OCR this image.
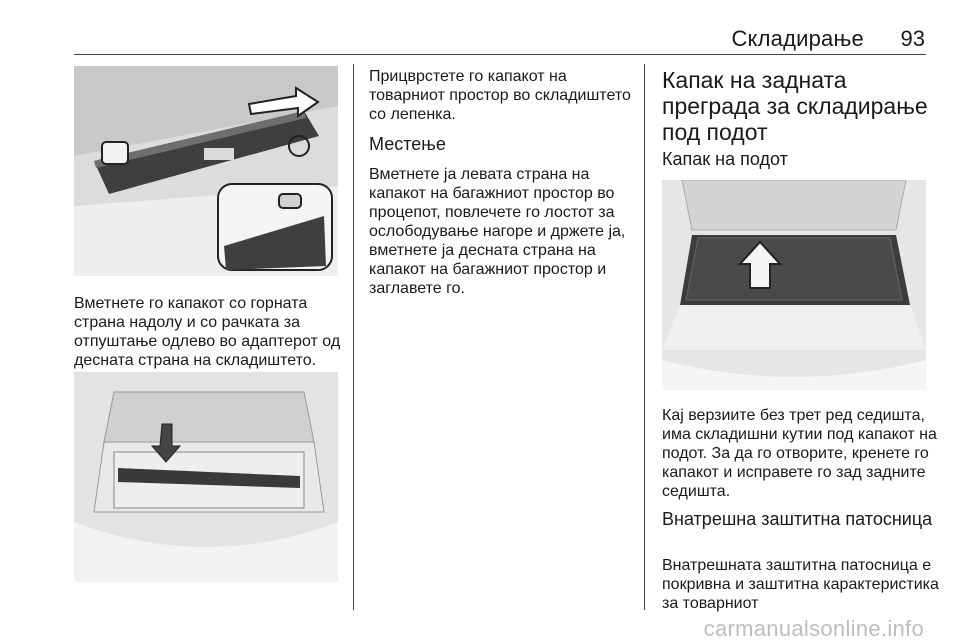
Складирање 93

Вметнете го капакот со горната страна надолу и со рачката за отпуштање одлево во адаптерот од десната страна на складиштето.

Прицврстете го капакот на товарниот простор во складиштето со лепенка.

Местење

Вметнете ја левата страна на капакот на багажниот простор во процепот, повлечете го лостот за ослободување нагоре и држете ја, вметнете ја десната страна на капакот на багажниот простор и заглавете го.

Капак на задната преграда за складирање под подот
Капак на подот

Кај верзиите без трет ред седишта, има складишни кутии под капакот на подот. За да го отворите, кренете го капакот и исправете го зад задните седишта.

Внатрешна заштитна патосница

Внатрешната заштитна патосница е покривна и заштитна карактеристика за товарниот

carmanualsonline.info
